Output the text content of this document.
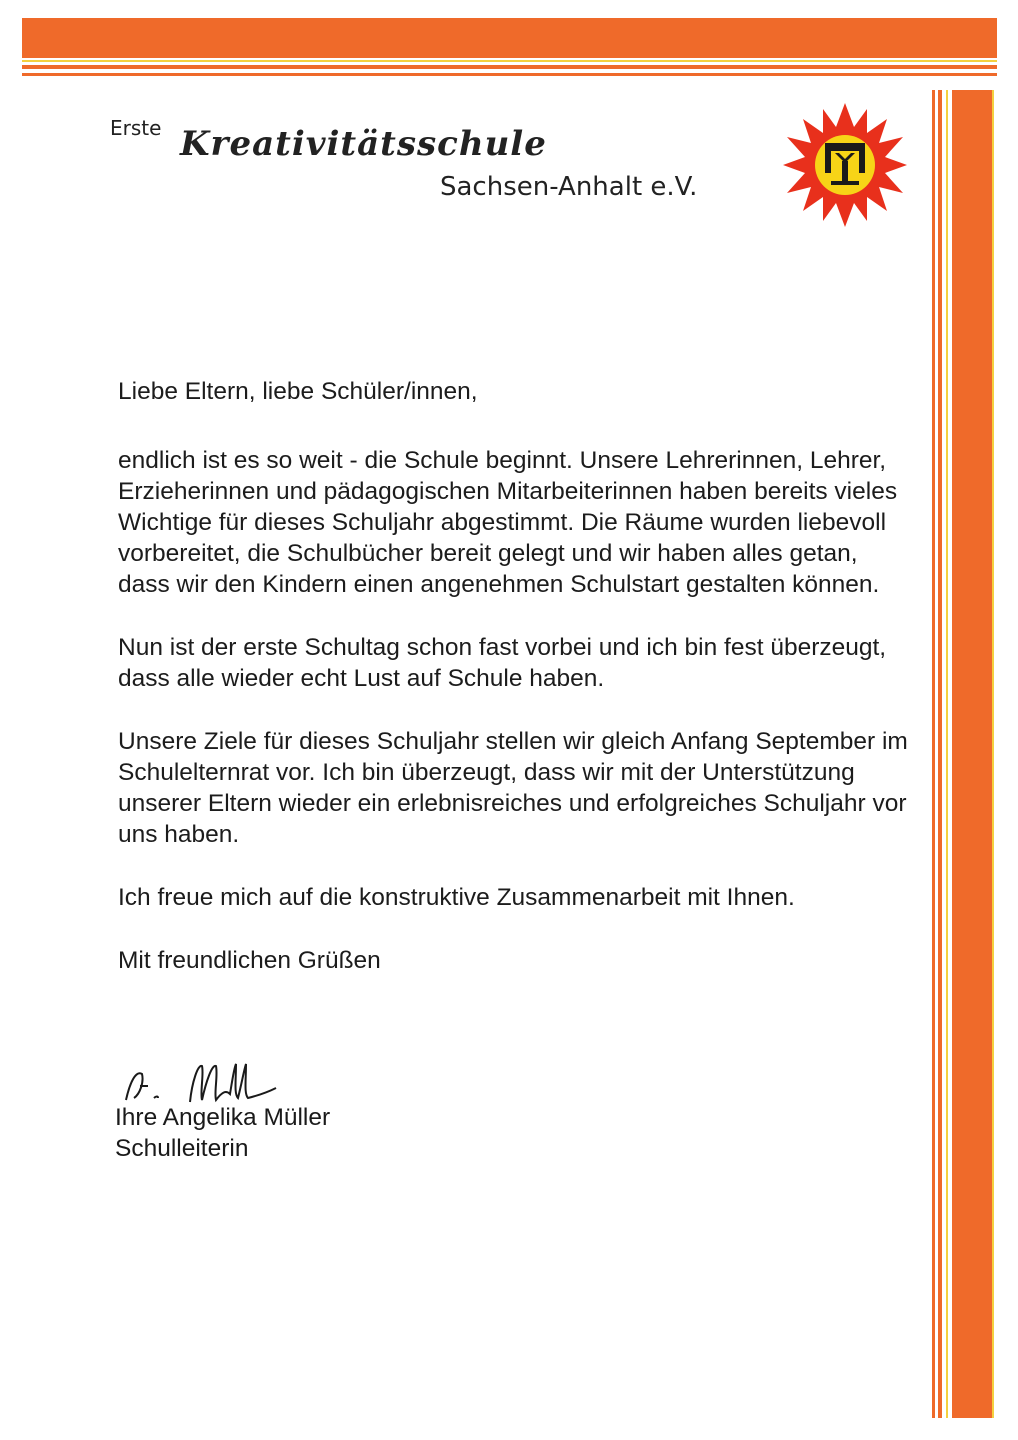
Erste Kreativitätsschule
Sachsen-Anhalt e.V.

Liebe Eltern, liebe Schüler/innen,

endlich ist es so weit - die Schule beginnt. Unsere Lehrerinnen, Lehrer, Erzieherinnen und pädagogischen Mitarbeiterinnen haben bereits vieles Wichtige für dieses Schuljahr abgestimmt. Die Räume wurden liebevoll vorbereitet, die Schulbücher bereit gelegt und wir haben alles getan, dass wir den Kindern einen angenehmen Schulstart gestalten können.

Nun ist der erste Schultag schon fast vorbei und ich bin fest überzeugt, dass alle wieder echt Lust auf Schule haben.

Unsere Ziele für dieses Schuljahr stellen wir gleich Anfang September im Schulelternrat vor. Ich bin überzeugt, dass wir mit der Unterstützung unserer Eltern wieder ein erlebnisreiches und erfolgreiches Schuljahr vor uns haben.

Ich freue mich auf die konstruktive Zusammenarbeit mit Ihnen.

Mit freundlichen Grüßen

Ihre Angelika Müller
Schulleiterin
